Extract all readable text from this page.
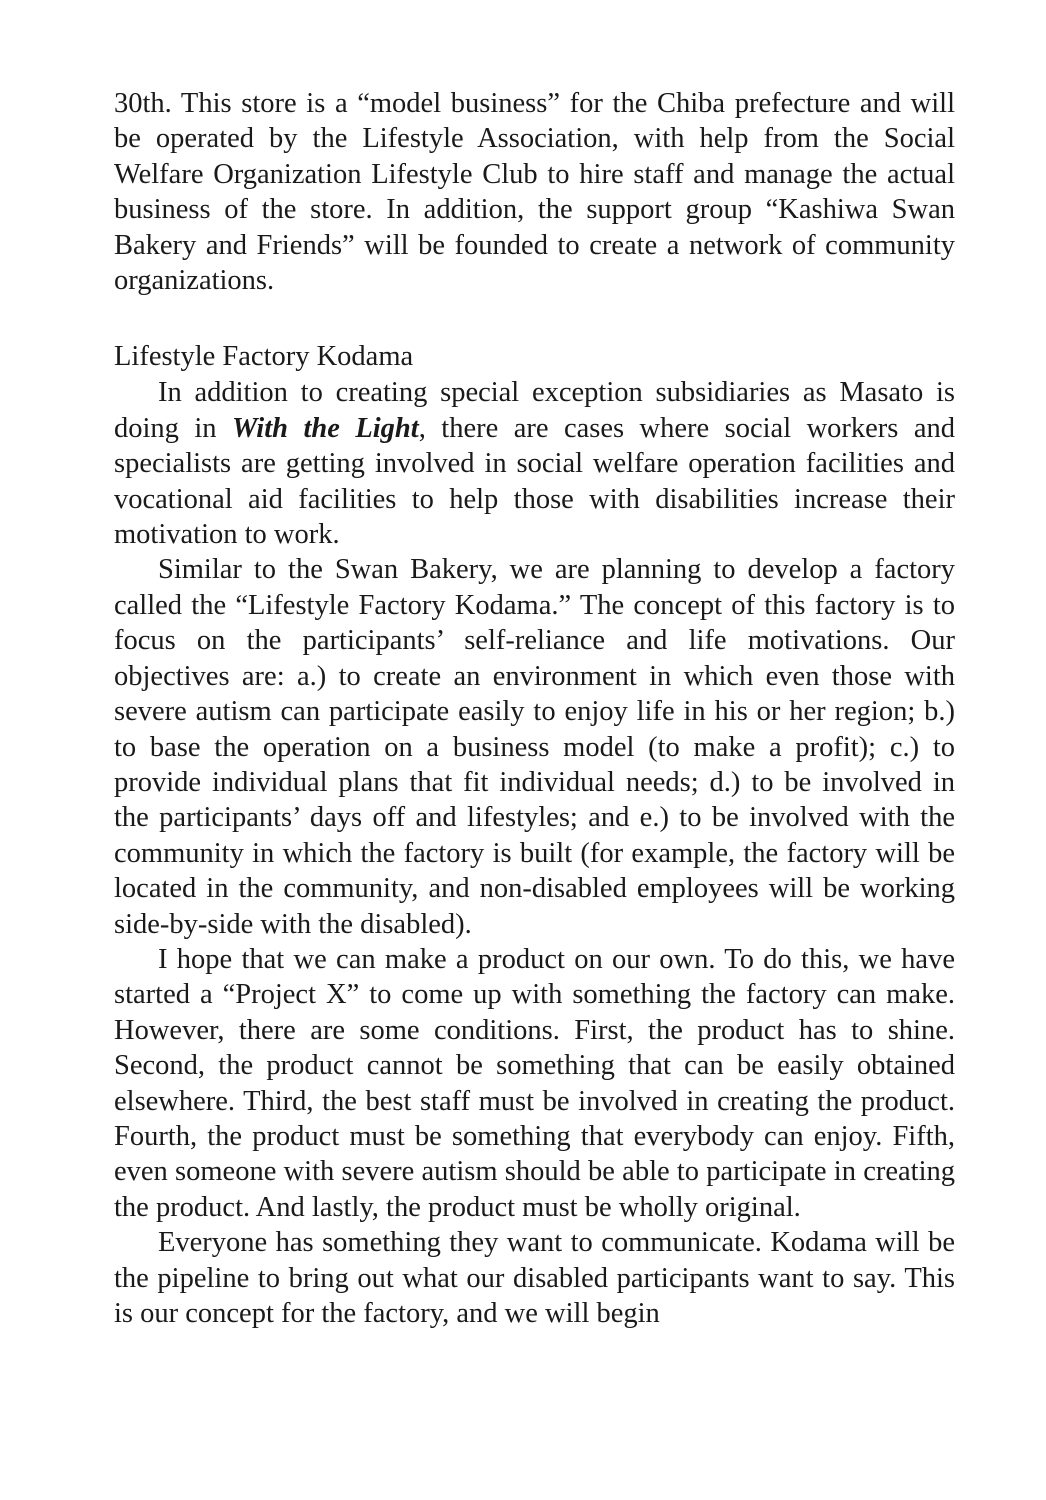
30th. This store is a “model business” for the Chiba prefecture and will be operated by the Lifestyle Association, with help from the Social Welfare Organization Lifestyle Club to hire staff and manage the actual business of the store. In addition, the support group “Kashiwa Swan Bakery and Friends” will be founded to create a network of community organizations.

Lifestyle Factory Kodama

In addition to creating special exception subsidiaries as Masato is doing in With the Light, there are cases where social workers and specialists are getting involved in social welfare operation facilities and vocational aid facilities to help those with disabilities increase their motivation to work.

Similar to the Swan Bakery, we are planning to develop a factory called the “Lifestyle Factory Kodama.” The concept of this factory is to focus on the participants’ self-reliance and life motivations. Our objectives are: a.) to create an environment in which even those with severe autism can participate easily to enjoy life in his or her region; b.) to base the operation on a business model (to make a profit); c.) to provide individual plans that fit individual needs; d.) to be involved in the participants’ days off and lifestyles; and e.) to be involved with the community in which the factory is built (for example, the factory will be located in the community, and non-disabled employees will be working side-by-side with the disabled).

I hope that we can make a product on our own. To do this, we have started a “Project X” to come up with something the factory can make. However, there are some conditions. First, the product has to shine. Second, the product cannot be something that can be easily obtained elsewhere. Third, the best staff must be involved in creating the product. Fourth, the product must be something that everybody can enjoy. Fifth, even someone with severe autism should be able to participate in creating the product. And lastly, the product must be wholly original.

Everyone has something they want to communicate. Kodama will be the pipeline to bring out what our disabled participants want to say. This is our concept for the factory, and we will begin
